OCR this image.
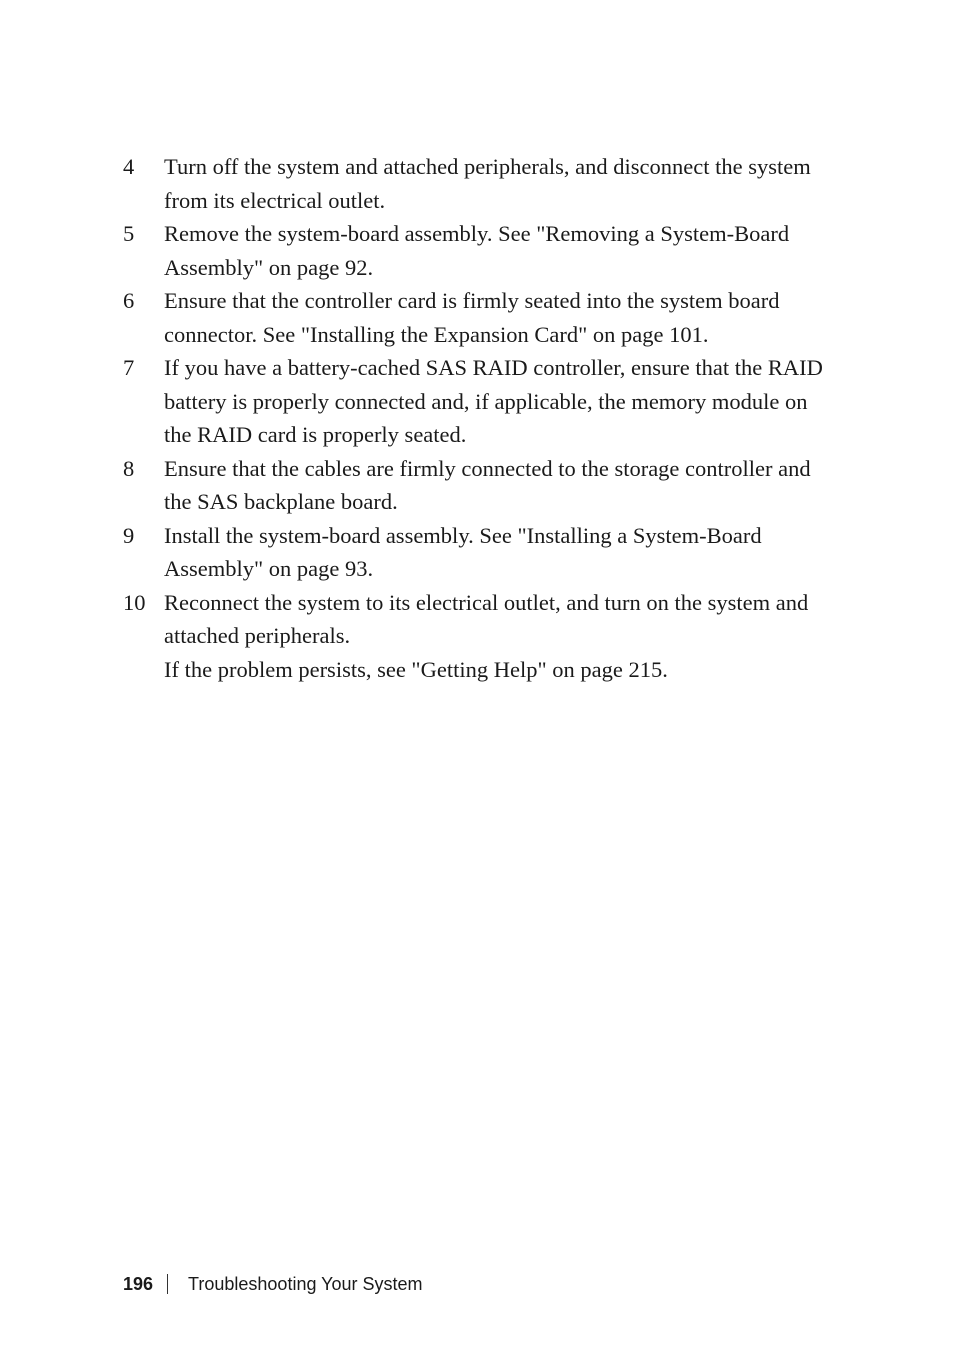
4 Turn off the system and attached peripherals, and disconnect the system from its electrical outlet.
5 Remove the system-board assembly. See "Removing a System-Board Assembly" on page 92.
6 Ensure that the controller card is firmly seated into the system board connector. See "Installing the Expansion Card" on page 101.
7 If you have a battery-cached SAS RAID controller, ensure that the RAID battery is properly connected and, if applicable, the memory module on the RAID card is properly seated.
8 Ensure that the cables are firmly connected to the storage controller and the SAS backplane board.
9 Install the system-board assembly. See "Installing a System-Board Assembly" on page 93.
10 Reconnect the system to its electrical outlet, and turn on the system and attached peripherals.
If the problem persists, see "Getting Help" on page 215.
196 Troubleshooting Your System
